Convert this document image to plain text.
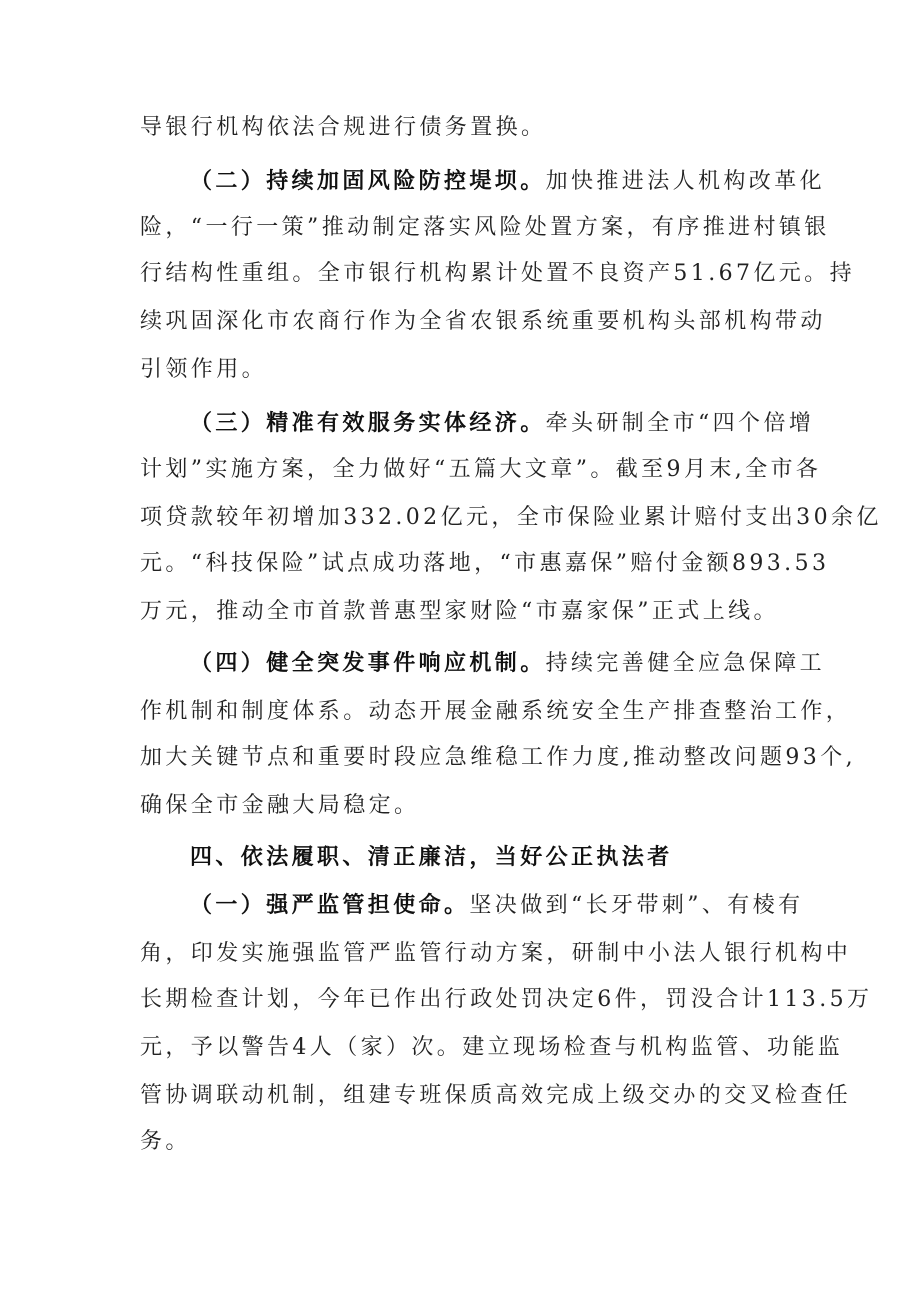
导银行机构依法合规进行债务置换。
（二）持续加固风险防控堤坝。加快推进法人机构改革化
险，“一行一策”推动制定落实风险处置方案，有序推进村镇银
行结构性重组。全市银行机构累计处置不良资产51.67亿元。持
续巩固深化市农商行作为全省农银系统重要机构头部机构带动
引领作用。
（三）精准有效服务实体经济。牵头研制全市“四个倍增
计划”实施方案，全力做好“五篇大文章”。截至9月末,全市各
项贷款较年初增加332.02亿元，全市保险业累计赔付支出30余亿
元。“科技保险”试点成功落地，“市惠嘉保”赔付金额893.53
万元，推动全市首款普惠型家财险“市嘉家保”正式上线。
（四）健全突发事件响应机制。持续完善健全应急保障工
作机制和制度体系。动态开展金融系统安全生产排查整治工作，
加大关键节点和重要时段应急维稳工作力度,推动整改问题93个,
确保全市金融大局稳定。
四、依法履职、清正廉洁，当好公正执法者
（一）强严监管担使命。坚决做到“长牙带刺”、有棱有
角，印发实施强监管严监管行动方案，研制中小法人银行机构中
长期检查计划，今年已作出行政处罚决定6件，罚没合计113.5万
元，予以警告4人（家）次。建立现场检查与机构监管、功能监
管协调联动机制，组建专班保质高效完成上级交办的交叉检查任
务。
